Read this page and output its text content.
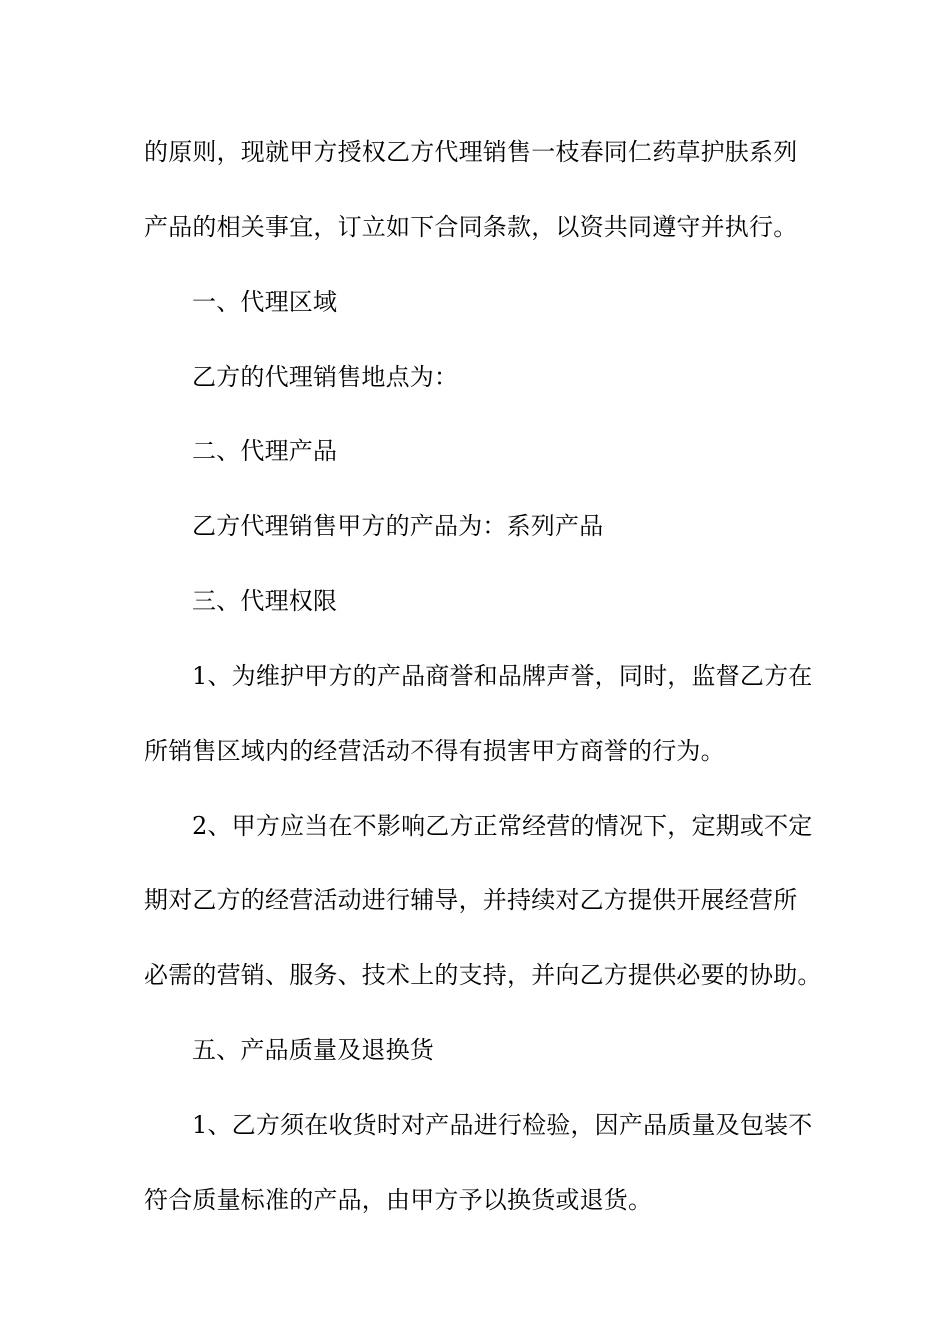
的原则，现就甲方授权乙方代理销售一枝春同仁药草护肤系列
产品的相关事宜，订立如下合同条款，以资共同遵守并执行。
一、代理区域
乙方的代理销售地点为：
二、代理产品
乙方代理销售甲方的产品为：系列产品
三、代理权限
1、为维护甲方的产品商誉和品牌声誉，同时，监督乙方在
所销售区域内的经营活动不得有损害甲方商誉的行为。
2、甲方应当在不影响乙方正常经营的情况下，定期或不定
期对乙方的经营活动进行辅导，并持续对乙方提供开展经营所
必需的营销、服务、技术上的支持，并向乙方提供必要的协助。
五、产品质量及退换货
1、乙方须在收货时对产品进行检验，因产品质量及包装不
符合质量标准的产品，由甲方予以换货或退货。
